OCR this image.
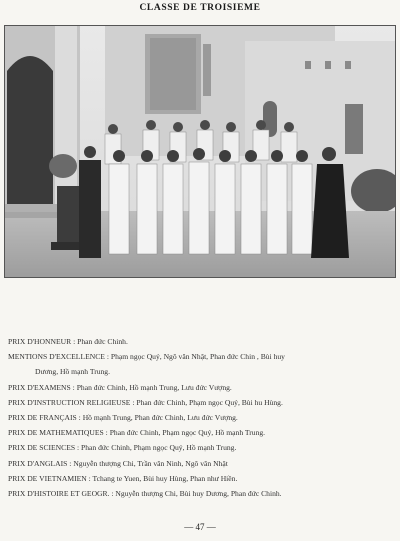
CLASSE DE TROISIEME

PRIX D'HONNEUR : Phan đức Chinh.

MENTIONS D'EXCELLENCE : Phạm ngọc Quý, Ngô văn Nhật, Phan đức Chin , Bùi huy
Dương, Hồ mạnh Trung.

PRIX D'EXAMENS : Phan đức Chinh, Hồ mạnh Trung, Lưu đức Vượng.

PRIX D'INSTRUCTION RELIGIEUSE : Phan đức Chinh, Phạm ngọc Quý, Bùi hu Hùng.

PRIX DE FRANÇAIS : Hồ mạnh Trung, Phan đức Chinh, Lưu đức Vượng.

PRIX DE MATHEMATIQUES : Phan đức Chinh, Phạm ngọc Quý, Hồ mạnh Trung.

PRIX DE SCIENCES : Phan đức Chinh, Phạm ngọc Quý, Hồ mạnh Trung.

PRIX D'ANGLAIS : Nguyễn thượng Chi, Trần văn Ninh, Ngô văn Nhật

PRIX DE VIETNAMIEN : Tchang te Yuen, Bùi huy Hùng, Phan như Hiền.

PRIX D'HISTOIRE ET GEOGR. : Nguyễn thượng Chi, Bùi huy Dương, Phan đức Chinh.

— 47 —
